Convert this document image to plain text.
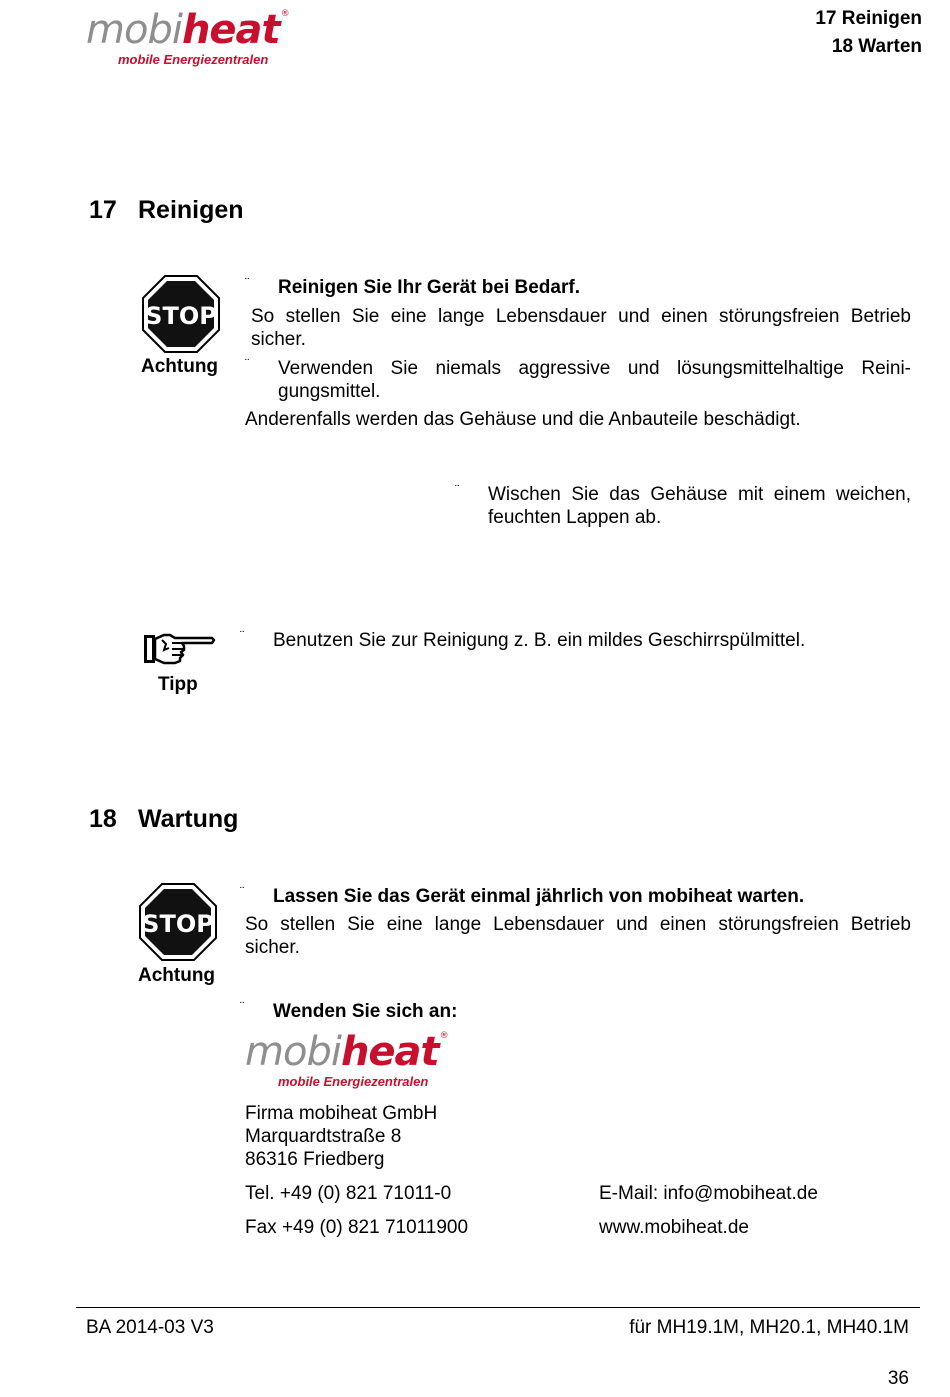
mobiheat®
mobile Energiezentralen
17 Reinigen
18 Warten
17 Reinigen
STOP
Achtung
¨ Reinigen Sie Ihr Gerät bei Bedarf.
So stellen Sie eine lange Lebensdauer und einen störungsfreien Betrieb
sicher.
¨ Verwenden Sie niemals aggressive und lösungsmittelhaltige Reini-
gungsmittel.
Anderenfalls werden das Gehäuse und die Anbauteile beschädigt.
¨ Wischen Sie das Gehäuse mit einem weichen,
feuchten Lappen ab.
Tipp
¨ Benutzen Sie zur Reinigung z. B. ein mildes Geschirrspülmittel.
18 Wartung
STOP
Achtung
¨ Lassen Sie das Gerät einmal jährlich von mobiheat warten.
So stellen Sie eine lange Lebensdauer und einen störungsfreien Betrieb
sicher.
¨ Wenden Sie sich an:
mobiheat®
mobile Energiezentralen
Firma mobiheat GmbH
Marquardtstraße 8
86316 Friedberg
Tel. +49 (0) 821 71011-0
Fax +49 (0) 821 71011900
E-Mail: info@mobiheat.de
www.mobiheat.de
BA 2014-03 V3	für MH19.1M, MH20.1, MH40.1M
36
